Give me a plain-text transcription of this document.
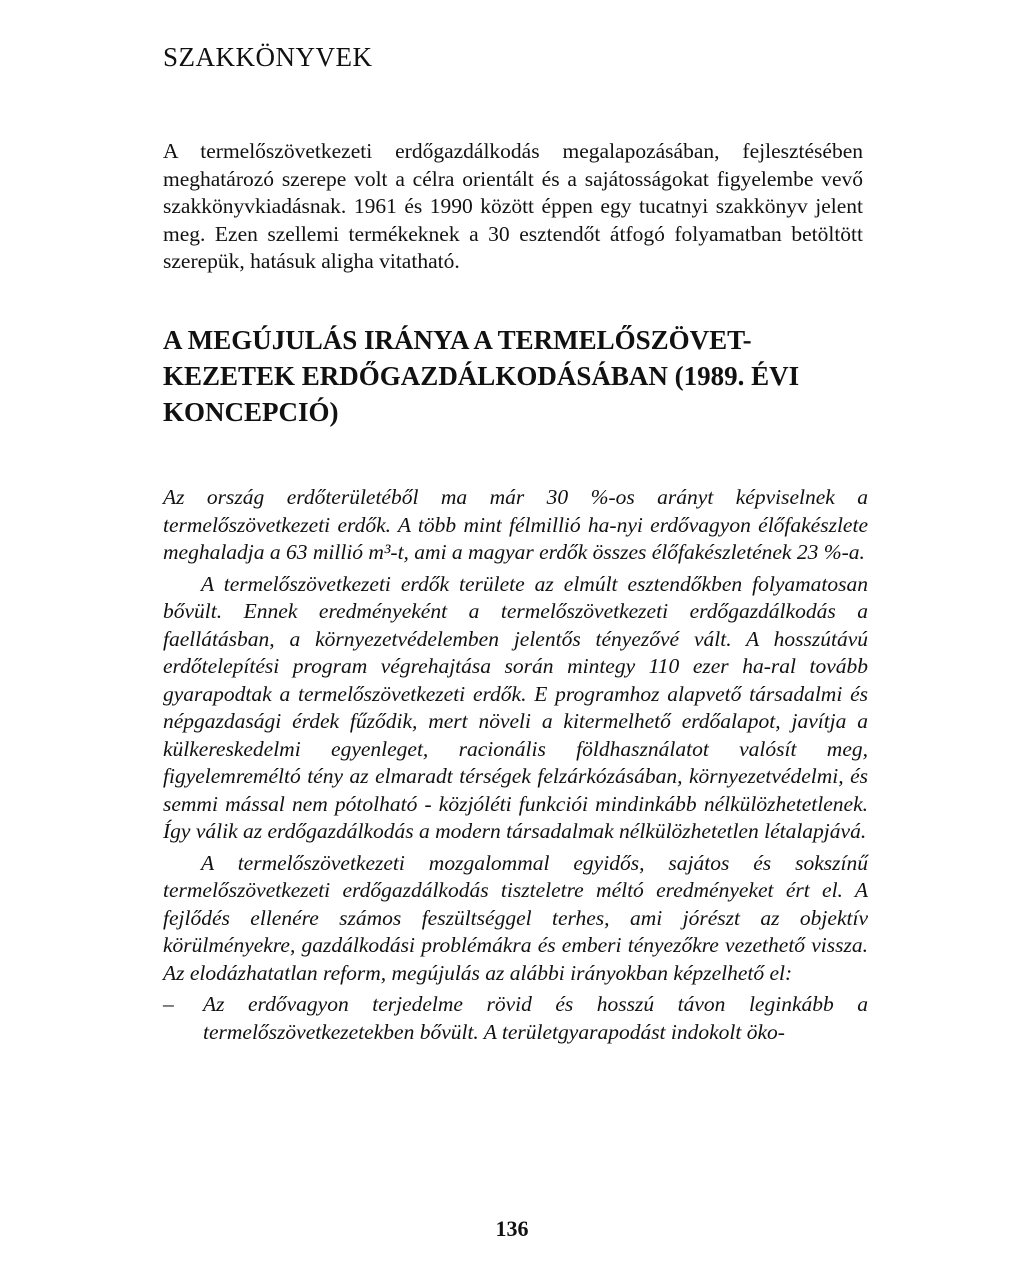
SZAKKÖNYVEK

A termelőszövetkezeti erdőgazdálkodás megalapozásában, fejlesztésében meghatározó szerepe volt a célra orientált és a sajátosságokat figyelembe vevő szakkönyvkiadásnak. 1961 és 1990 között éppen egy tucatnyi szakkönyv jelent meg. Ezen szellemi termékeknek a 30 esztendőt átfogó folyamatban betöltött szerepük, hatásuk aligha vitatható.

A MEGÚJULÁS IRÁNYA A TERMELŐSZÖVET-
KEZETEK ERDŐGAZDÁLKODÁSÁBAN (1989. ÉVI
KONCEPCIÓ)

Az ország erdőterületéből ma már 30 %-os arányt képviselnek a termelőszövetkezeti erdők. A több mint félmillió ha-nyi erdővagyon élőfakészlete meghaladja a 63 millió m³-t, ami a magyar erdők összes élőfakészletének 23 %-a.

A termelőszövetkezeti erdők területe az elmúlt esztendőkben folyamatosan bővült. Ennek eredményeként a termelőszövetkezeti erdőgazdálkodás a faellátásban, a környezetvédelemben jelentős tényezővé vált. A hosszútávú erdőtelepítési program végrehajtása során mintegy 110 ezer ha-ral tovább gyarapodtak a termelőszövetkezeti erdők. E programhoz alapvető társadalmi és népgazdasági érdek fűződik, mert növeli a kitermelhető erdőalapot, javítja a külkereskedelmi egyenleget, racionális földhasználatot valósít meg, figyelemreméltó tény az elmaradt térségek felzárkózásában, környezetvédelmi, és semmi mással nem pótolható - közjóléti funkciói mindinkább nélkülözhetetlenek. Így válik az erdőgazdálkodás a modern társadalmak nélkülözhetetlen létalapjává.

A termelőszövetkezeti mozgalommal egyidős, sajátos és sokszínű termelőszövetkezeti erdőgazdálkodás tiszteletre méltó eredményeket ért el. A fejlődés ellenére számos feszültséggel terhes, ami jórészt az objektív körülményekre, gazdálkodási problémákra és emberi tényezőkre vezethető vissza. Az elodázhatatlan reform, megújulás az alábbi irányokban képzelhető el:

– Az erdővagyon terjedelme rövid és hosszú távon leginkább a termelőszövetkezetekben bővült. A területgyarapodást indokolt öko-

136
